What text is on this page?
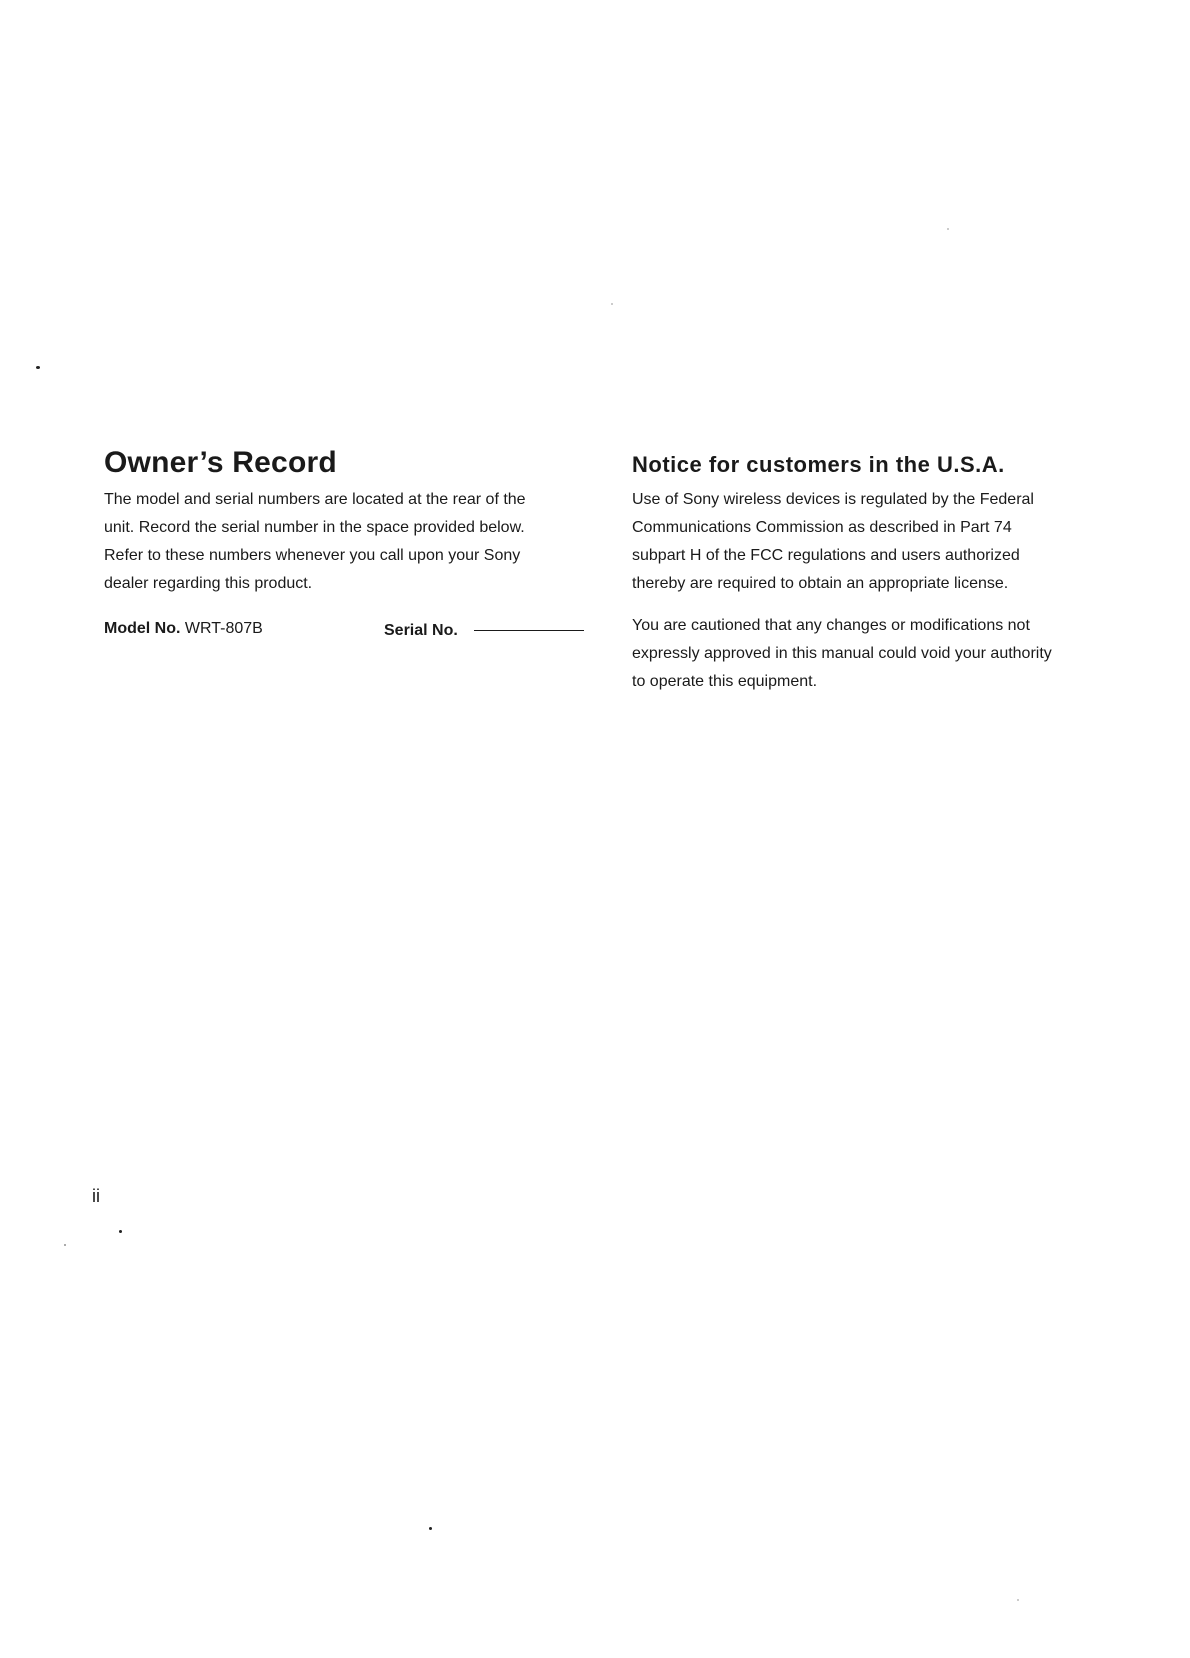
Owner’s Record

The model and serial numbers are located at the rear of the
unit. Record the serial number in the space provided below.
Refer to these numbers whenever you call upon your Sony
dealer regarding this product.

Model No. WRT-807B	Serial No.
Notice for customers in the U.S.A.

Use of Sony wireless devices is regulated by the Federal
Communications Commission as described in Part 74
subpart H of the FCC regulations and users authorized
thereby are required to obtain an appropriate license.

You are cautioned that any changes or modifications not
expressly approved in this manual could void your authority
to operate this equipment.

ii
